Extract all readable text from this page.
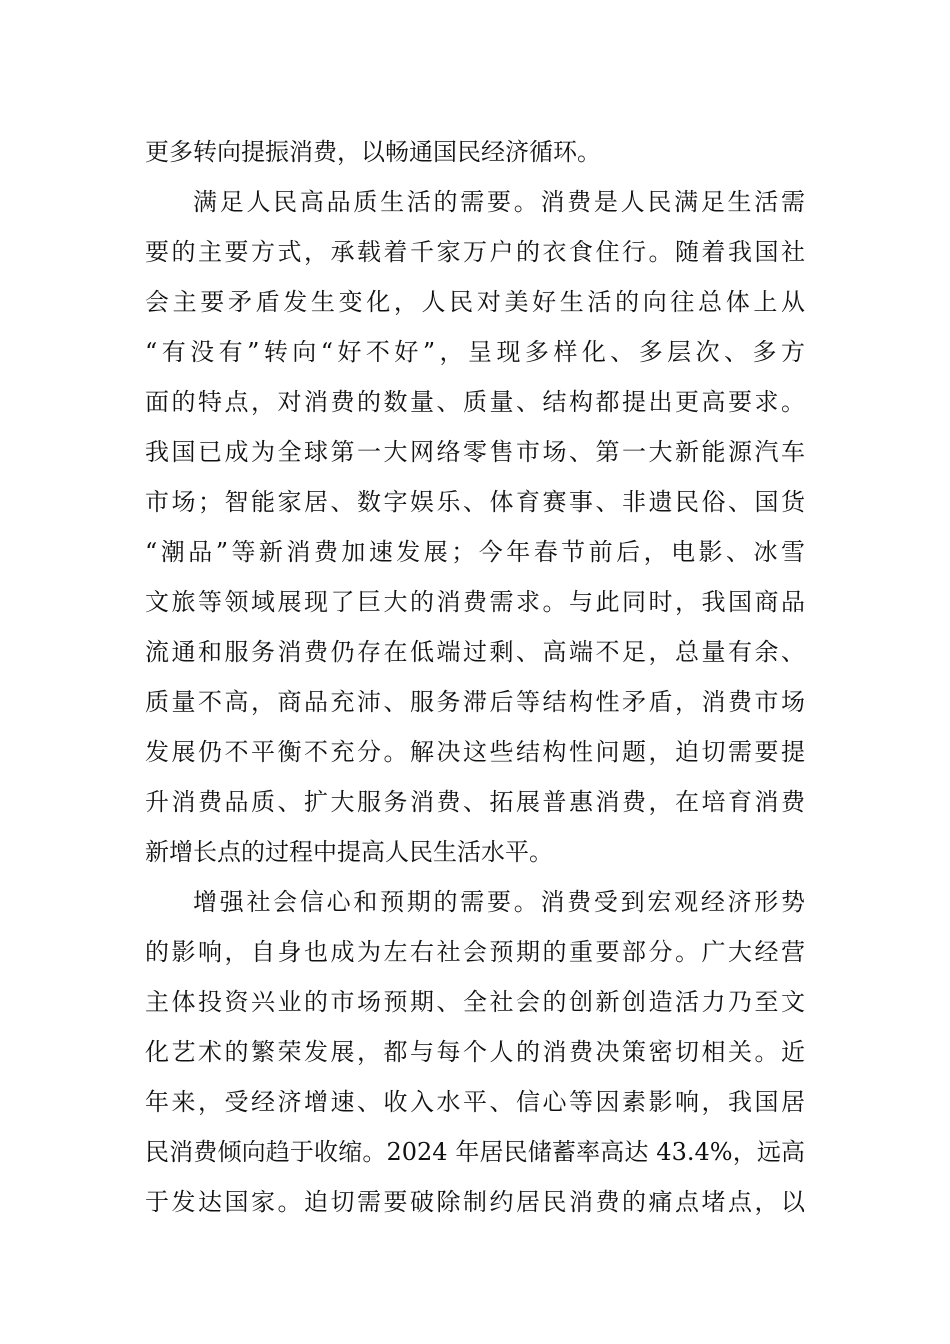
更多转向提振消费，以畅通国民经济循环。
满足人民高品质生活的需要。消费是人民满足生活需
要的主要方式，承载着千家万户的衣食住行。随着我国社
会主要矛盾发生变化，人民对美好生活的向往总体上从
“有没有”转向“好不好”，呈现多样化、多层次、多方
面的特点，对消费的数量、质量、结构都提出更高要求。
我国已成为全球第一大网络零售市场、第一大新能源汽车
市场；智能家居、数字娱乐、体育赛事、非遗民俗、国货
“潮品”等新消费加速发展；今年春节前后，电影、冰雪
文旅等领域展现了巨大的消费需求。与此同时，我国商品
流通和服务消费仍存在低端过剩、高端不足，总量有余、
质量不高，商品充沛、服务滞后等结构性矛盾，消费市场
发展仍不平衡不充分。解决这些结构性问题，迫切需要提
升消费品质、扩大服务消费、拓展普惠消费，在培育消费
新增长点的过程中提高人民生活水平。
增强社会信心和预期的需要。消费受到宏观经济形势
的影响，自身也成为左右社会预期的重要部分。广大经营
主体投资兴业的市场预期、全社会的创新创造活力乃至文
化艺术的繁荣发展，都与每个人的消费决策密切相关。近
年来，受经济增速、收入水平、信心等因素影响，我国居
民消费倾向趋于收缩。2024 年居民储蓄率高达 43.4%，远高
于发达国家。迫切需要破除制约居民消费的痛点堵点，以
